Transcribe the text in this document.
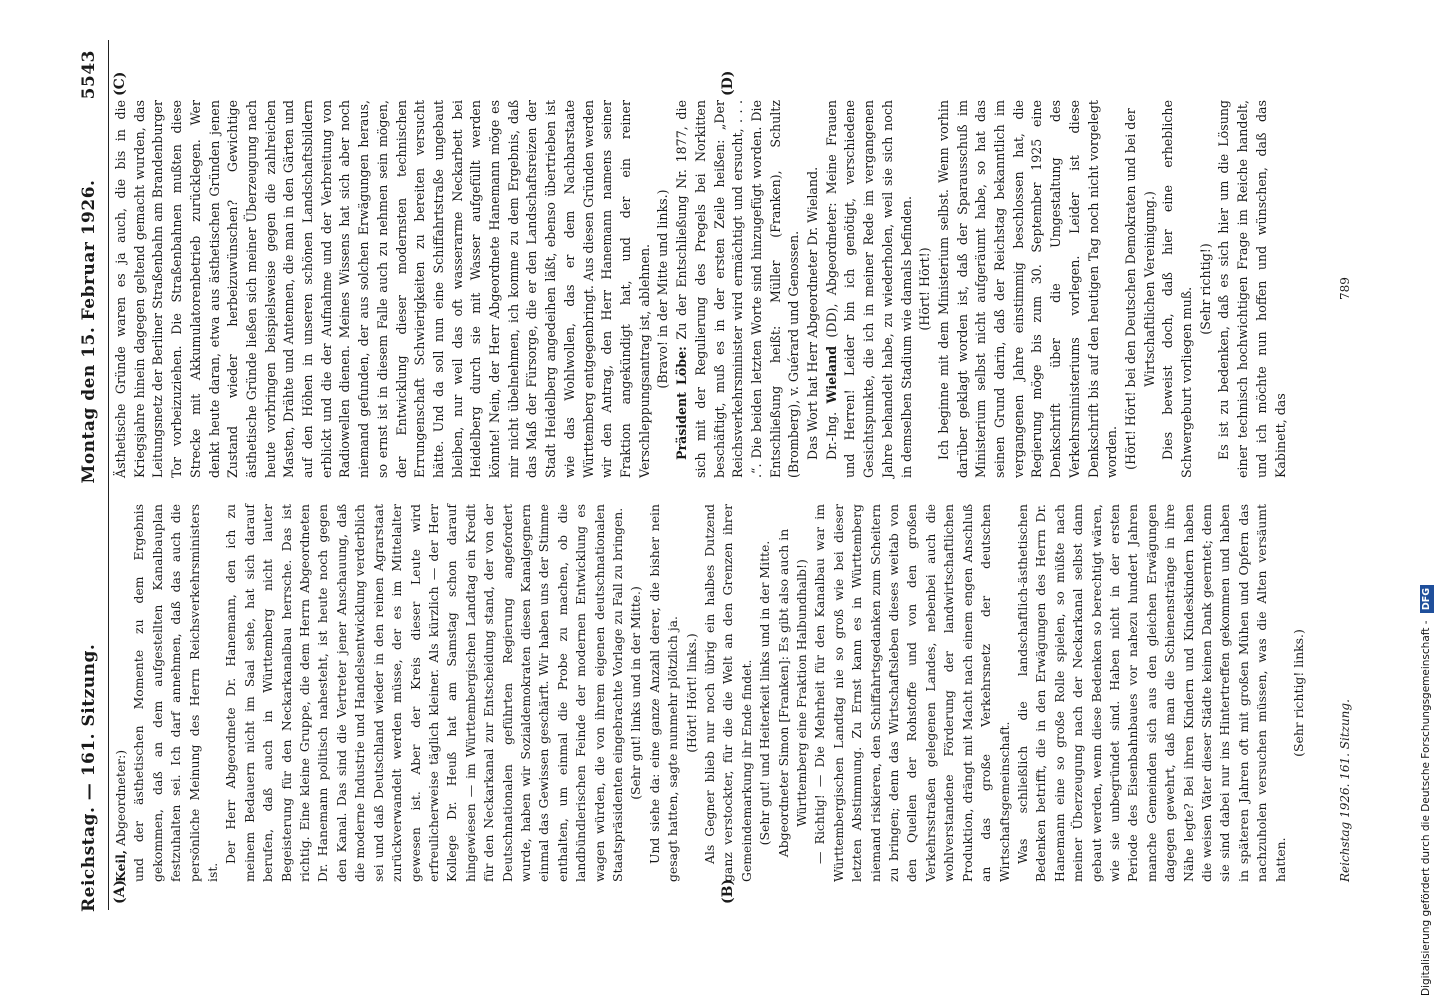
Reichstag. — 161. Sitzung.
Montag den 15. Februar 1926.
5543
(A)	(B)
(C)	(D)

Keil, Abgeordneter:) und der ästhetischen Momente zu dem Ergebnis gekommen, daß an dem aufgestellten Kanalbauplan festzuhalten sei. Ich darf annehmen, daß das auch die persönliche Meinung des Herrn Reichsverkehrsministers ist.

Der Herr Abgeordnete Dr. Hanemann, den ich zu meinem Bedauern nicht im Saal sehe, hat sich darauf berufen, daß auch in Württemberg nicht lauter Begeisterung für den Neckarkanalbau herrsche. Das ist richtig. Eine kleine Gruppe, die dem Herrn Abgeordneten Dr. Hanemann politisch nahesteht, ist heute noch gegen den Kanal. Das sind die Vertreter jener Anschauung, daß die moderne Industrie und Handelsentwicklung verderblich sei und daß Deutschland wieder in den reinen Agrarstaat zurückverwandelt werden müsse, der es im Mittelalter gewesen ist. Aber der Kreis dieser Leute wird erfreulicherweise täglich kleiner. Als kürzlich — der Herr Kollege Dr. Heuß hat am Samstag schon darauf hingewiesen — im Württembergischen Landtag ein Kredit für den Neckarkanal zur Entscheidung stand, der von der Deutschnationalen geführten Regierung angefordert wurde, haben wir Sozialdemokraten diesen Kanalgegnern einmal das Gewissen geschärft. Wir haben uns der Stimme enthalten, um einmal die Probe zu machen, ob die landbündlerischen Feinde der modernen Entwicklung es wagen würden, die von ihrem eigenen deutschnationalen Staatspräsidenten eingebrachte Vorlage zu Fall zu bringen. (Sehr gut! links und in der Mitte.) Und siehe da: eine ganze Anzahl derer, die bisher nein gesagt hatten, sagte nunmehr plötzlich ja. (Hört! Hört! links.) Als Gegner blieb nur noch übrig ein halbes Dutzend ganz verstockter, für die die Welt an den Grenzen ihrer Gemeindemarkung ihr Ende findet. (Sehr gut! und Heiterkeit links und in der Mitte. Abgeordneter Simon [Franken]: Es gibt also auch in Württemberg eine Fraktion Halbundhalb!) — Richtig! — Die Mehrheit für den Kanalbau war im Württembergischen Landtag nie so groß wie bei dieser letzten Abstimmung. Zu Ernst kann es in Württemberg niemand riskieren, den Schiffahrtsgedanken zum Scheitern zu bringen; denn das Wirtschaftsleben dieses weitab von den Quellen der Rohstoffe und von den großen Verkehrsstraßen gelegenen Landes, nebenbei auch die wohlverstandene Förderung der landwirtschaftlichen Produktion, drängt mit Macht nach einem engen Anschluß an das große Verkehrsnetz der deutschen Wirtschaftsgemeinschaft. Was schließlich die landschaftlich-ästhetischen Bedenken betrifft, die in den Erwägungen des Herrn Dr. Hanemann eine so große Rolle spielen, so müßte nach meiner Überzeugung nach der Neckarkanal selbst dann gebaut werden, wenn diese Bedenken so berechtigt wären, wie sie unbegründet sind. Haben nicht in der ersten Periode des Eisenbahnbaues vor nahezu hundert Jahren manche Gemeinden sich aus den gleichen Erwägungen dagegen gewehrt, daß man die Schienenstränge in ihre Nähe legte? Bei ihren Kindern und Kindeskindern haben die weisen Väter dieser Städte keinen Dank geerntet; denn sie sind dabei nur ins Hintertreffen gekommen und haben in späteren Jahren oft mit großen Mühen und Opfern das nachzuholen versuchen müssen, was die Alten versäumt hatten.

(Sehr richtig! links.)

Ästhetische Gründe waren es ja auch, die bis in die Kriegsjahre hinein dagegen geltend gemacht wurden, das Leitungsnetz der Berliner Straßenbahn am Brandenburger Tor vorbeizuziehen. Die Straßenbahnen mußten diese Strecke mit Akkumulatorenbetrieb zurücklegen. Wer denkt heute daran, etwa aus ästhetischen Gründen jenen Zustand wieder herbeizuwünschen? Gewichtige ästhetische Gründe ließen sich meiner Überzeugung nach heute vorbringen beispielsweise gegen die zahlreichen Masten, Drähte und Antennen, die man in den Gärten und auf den Höhen in unseren schönen Landschaftsbildern erblickt und die der Aufnahme und der Verbreitung von Radiowellen dienen. Meines Wissens hat sich aber noch niemand gefunden, der aus solchen Erwägungen heraus, so ernst ist in diesem Falle auch zu nehmen sein mögen, der Entwicklung dieser modernsten technischen Errungenschaft Schwierigkeiten zu bereiten versucht hätte. Und da soll nun eine Schiffahrtstraße ungebaut bleiben, nur weil das oft wasserarme Neckarbett bei Heidelberg durch sie mit Wasser aufgefüllt werden könnte! Nein, der Herr Abgeordnete Hanemann möge es mir nicht übelnehmen, ich komme zu dem Ergebnis, daß das Maß der Fürsorge, die er den Landschaftsreizen der Stadt Heidelberg angedeihen läßt, ebenso übertrieben ist wie das Wohlwollen, das er dem Nachbarstaate Württemberg entgegenbringt. Aus diesen Gründen werden wir den Antrag, den Herr Hanemann namens seiner Fraktion angekündigt hat, und der ein reiner Verschleppungsantrag ist, ablehnen. (Bravo! in der Mitte und links.)

Präsident Löbe: Zu der Entschließung Nr. 1877, die sich mit der Regulierung des Pregels bei Norkitten beschäftigt, muß es in der ersten Zeile heißen: „Der Reichsverkehrsminister wird ermächtigt und ersucht, . . . .“. Die beiden letzten Worte sind hinzugefügt worden. Die Entschließung heißt: Müller (Franken), Schultz (Bromberg), v. Guérard und Genossen. Das Wort hat Herr Abgeordneter Dr. Wieland. Dr.-Ing. Wieland (DD), Abgeordneter: Meine Frauen und Herren! Leider bin ich genötigt, verschiedene Gesichtspunkte, die ich in meiner Rede im vergangenen Jahre behandelt habe, zu wiederholen, weil sie sich noch in demselben Stadium wie damals befinden. (Hört! Hört!) Ich beginne mit dem Ministerium selbst. Wenn vorhin darüber geklagt worden ist, daß der Sparausschuß im Ministerium selbst nicht aufgeräumt habe, so hat das seinen Grund darin, daß der Reichstag bekanntlich im vergangenen Jahre einstimmig beschlossen hat, die Regierung möge bis zum 30. September 1925 eine Denkschrift über die Umgestaltung des Verkehrsministeriums vorlegen. Leider ist diese Denkschrift bis auf den heutigen Tag noch nicht vorgelegt worden. (Hört! Hört! bei den Deutschen Demokraten und bei der Wirtschaftlichen Vereinigung.) Dies beweist doch, daß hier eine erhebliche Schwergeburt vorliegen muß. (Sehr richtig!) Es ist zu bedenken, daß es sich hier um die Lösung einer technisch hochwichtigen Frage im Reiche handelt, und ich möchte nun hoffen und wünschen, daß das Kabinett, das

Reichstag 1926. 161. Sitzung.
789
Digitalisierung gefördert durch die Deutsche Forschungsgemeinschaft - DFG
